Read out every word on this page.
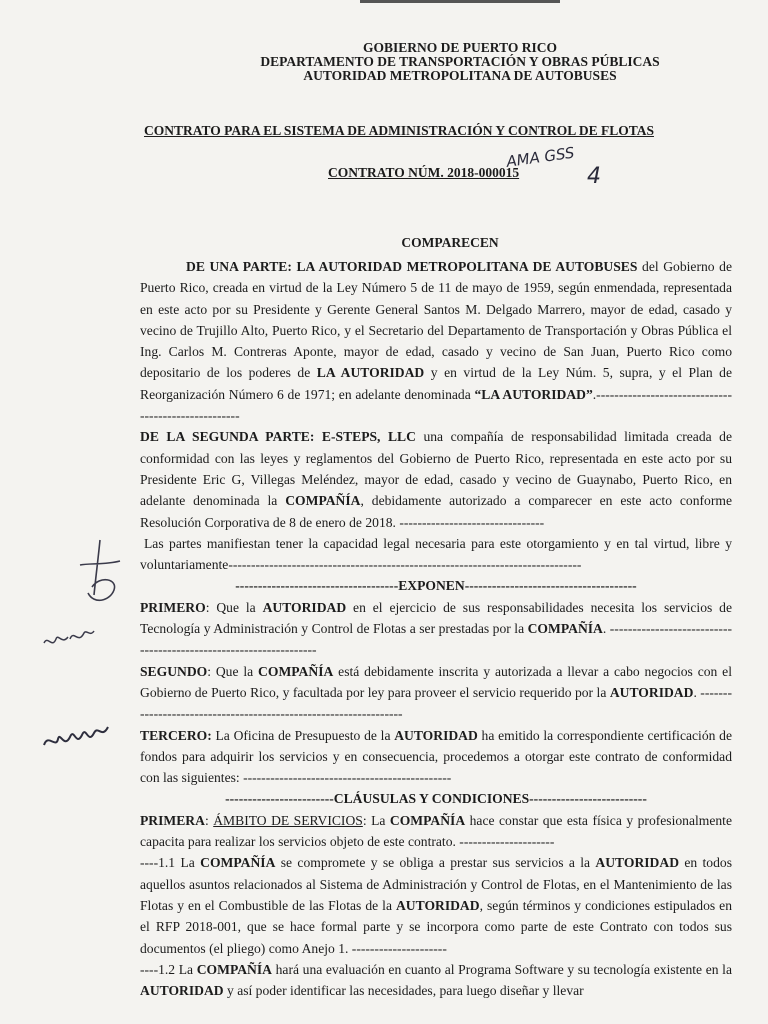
GOBIERNO DE PUERTO RICO
DEPARTAMENTO DE TRANSPORTACIÓN Y OBRAS PÚBLICAS
AUTORIDAD METROPOLITANA DE AUTOBUSES
CONTRATO PARA EL SISTEMA DE ADMINISTRACIÓN Y CONTROL DE FLOTAS
CONTRATO NÚM. 2018-000015
AMA GSS
4
COMPARECEN

DE UNA PARTE: LA AUTORIDAD METROPOLITANA DE AUTOBUSES del Gobierno de Puerto Rico, creada en virtud de la Ley Número 5 de 11 de mayo de 1959, según enmendada, representada en este acto por su Presidente y Gerente General Santos M. Delgado Marrero, mayor de edad, casado y vecino de Trujillo Alto, Puerto Rico, y el Secretario del Departamento de Transportación y Obras Pública el Ing. Carlos M. Contreras Aponte, mayor de edad, casado y vecino de San Juan, Puerto Rico como depositario de los poderes de LA AUTORIDAD y en virtud de la Ley Núm. 5, supra, y el Plan de Reorganización Número 6 de 1971; en adelante denominada “LA AUTORIDAD”.----------------------------------------------------

DE LA SEGUNDA PARTE: E-STEPS, LLC una compañía de responsabilidad limitada creada de conformidad con las leyes y reglamentos del Gobierno de Puerto Rico, representada en este acto por su Presidente Eric G, Villegas Meléndez, mayor de edad, casado y vecino de Guaynabo, Puerto Rico, en adelante denominada la COMPAÑÍA, debidamente autorizado a comparecer en este acto conforme Resolución Corporativa de 8 de enero de 2018. --------------------------------

Las partes manifiestan tener la capacidad legal necesaria para este otorgamiento y en tal virtud, libre y voluntariamente------------------------------------------------------------------------------

------------------------------------EXPONEN--------------------------------------

PRIMERO: Que la AUTORIDAD en el ejercicio de sus responsabilidades necesita los servicios de Tecnología y Administración y Control de Flotas a ser prestadas por la COMPAÑÍA. ------------------------------------------------------------------

SEGUNDO: Que la COMPAÑÍA está debidamente inscrita y autorizada a llevar a cabo negocios con el Gobierno de Puerto Rico, y facultada por ley para proveer el servicio requerido por la AUTORIDAD. -----------------------------------------------------------------

TERCERO: La Oficina de Presupuesto de la AUTORIDAD ha emitido la correspondiente certificación de fondos para adquirir los servicios y en consecuencia, procedemos a otorgar este contrato de conformidad con las siguientes: ----------------------------------------------

------------------------CLÁUSULAS Y CONDICIONES--------------------------

PRIMERA: ÁMBITO DE SERVICIOS: La COMPAÑÍA hace constar que esta física y profesionalmente capacita para realizar los servicios objeto de este contrato. ---------------------

----1.1 La COMPAÑÍA se compromete y se obliga a prestar sus servicios a la AUTORIDAD en todos aquellos asuntos relacionados al Sistema de Administración y Control de Flotas, en el Mantenimiento de las Flotas y en el Combustible de las Flotas de la AUTORIDAD, según términos y condiciones estipulados en el RFP 2018-001, que se hace formal parte y se incorpora como parte de este Contrato con todos sus documentos (el pliego) como Anejo 1. ---------------------

----1.2 La COMPAÑÍA hará una evaluación en cuanto al Programa Software y su tecnología existente en la AUTORIDAD y así poder identificar las necesidades, para luego diseñar y llevar
